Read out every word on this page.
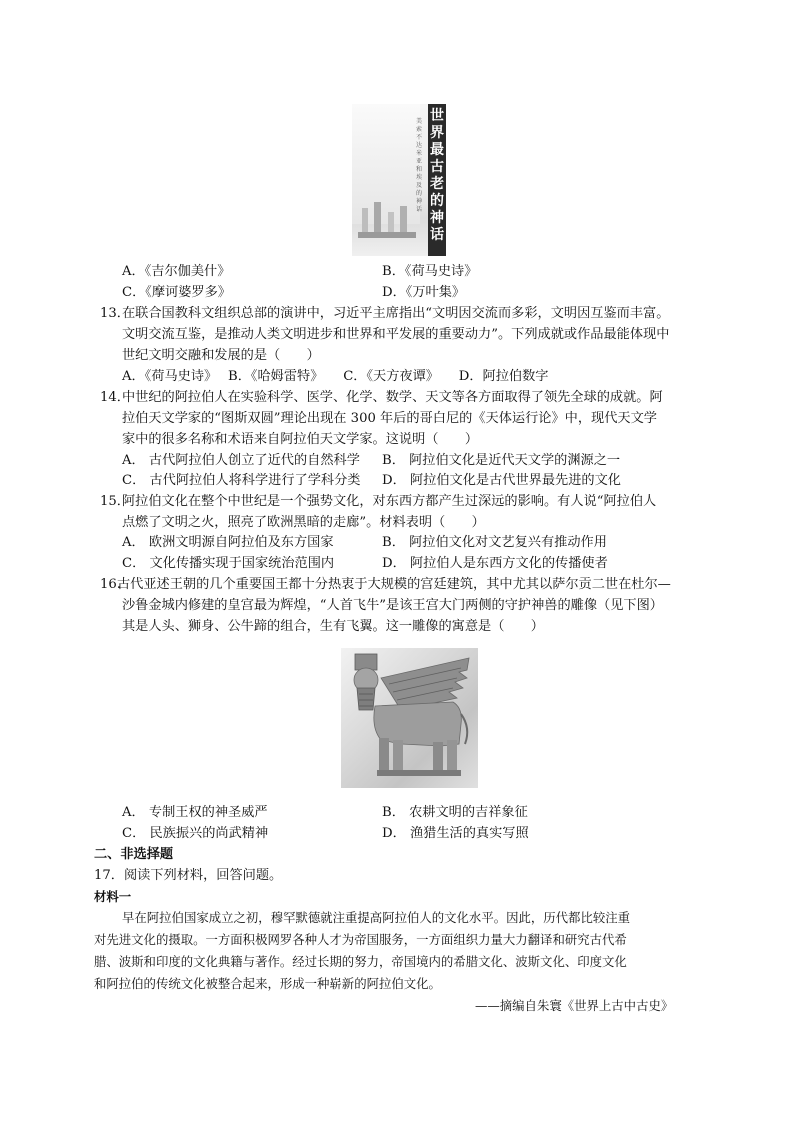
美索不达米亚和埃及的神话
世界最古老的神话
A．《吉尔伽美什》	B．《荷马史诗》
C．《摩诃婆罗多》	D．《万叶集》
13．
在联合国教科文组织总部的演讲中，习近平主席指出“文明因交流而多彩，文明因互鉴而丰富。
文明交流互鉴，是推动人类文明进步和世界和平发展的重要动力”。下列成就或作品最能体现中
世纪文明交融和发展的是（　　）
A．《荷马史诗》　 B．《哈姆雷特》　　C．《天方夜谭》　　D．阿拉伯数字
14．
中世纪的阿拉伯人在实验科学、医学、化学、数学、天文等各方面取得了领先全球的成就。阿
拉伯天文学家的“图斯双圆”理论出现在 300 年后的哥白尼的《天体运行论》中，现代天文学
家中的很多名称和术语来自阿拉伯天文学家。这说明（　　）
A． 古代阿拉伯人创立了近代的自然科学 B． 阿拉伯文化是近代天文学的渊源之一
C． 古代阿拉伯人将科学进行了学科分类 D． 阿拉伯文化是古代世界最先进的文化
15．
阿拉伯文化在整个中世纪是一个强势文化，对东西方都产生过深远的影响。有人说“阿拉伯人
点燃了文明之火，照亮了欧洲黑暗的走廊”。材料表明（　　）
A． 欧洲文明源自阿拉伯及东方国家	B． 阿拉伯文化对文艺复兴有推动作用
C． 文化传播实现于国家统治范围内	D． 阿拉伯人是东西方文化的传播使者
16.
古代亚述王朝的几个重要国王都十分热衷于大规模的宫廷建筑，其中尤其以萨尔贡二世在杜尔—
沙鲁金城内修建的皇宫最为辉煌，“人首飞牛”是该王宫大门两侧的守护神兽的雕像（见下图）
其是人头、狮身、公牛蹄的组合，生有飞翼。这一雕像的寓意是（　　）
A． 专制王权的神圣威严	B． 农耕文明的吉祥象征
C． 民族振兴的尚武精神	D． 渔猎生活的真实写照
二、非选择题
17．阅读下列材料，回答问题。
材料一
早在阿拉伯国家成立之初，穆罕默德就注重提高阿拉伯人的文化水平。因此，历代都比较注重
对先进文化的摄取。一方面积极网罗各种人才为帝国服务，一方面组织力量大力翻译和研究古代希
腊、波斯和印度的文化典籍与著作。经过长期的努力，帝国境内的希腊文化、波斯文化、印度文化
和阿拉伯的传统文化被整合起来，形成一种崭新的阿拉伯文化。
——摘编自朱寰《世界上古中古史》
